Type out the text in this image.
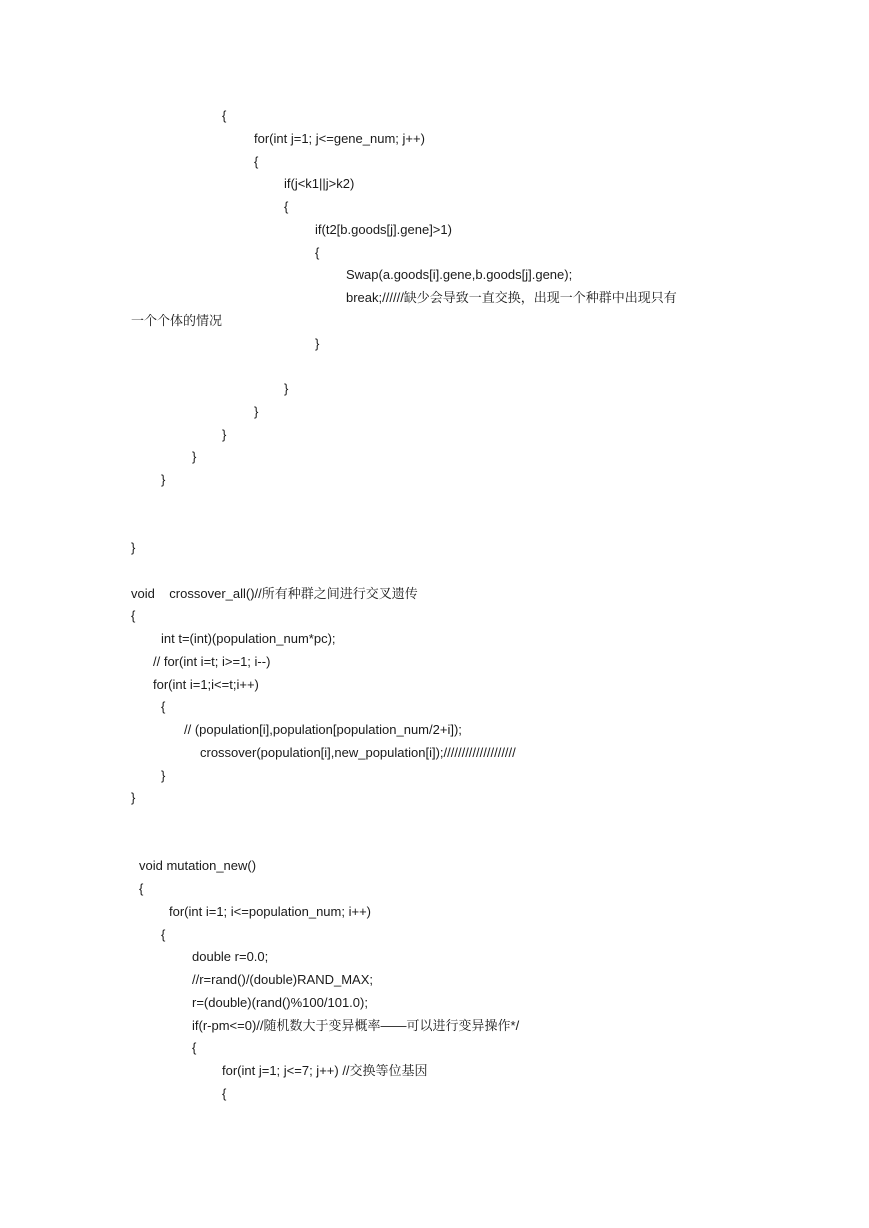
{
for(int j=1; j<=gene_num; j++)
{
if(j<k1||j>k2)
{
if(t2[b.goods[j].gene]>1)
{
Swap(a.goods[i].gene,b.goods[j].gene);
break;//////缺少会导致一直交换，出现一个种群中出现只有
一个个体的情况
}
}
}
}
}
}
}
void    crossover_all()//所有种群之间进行交叉遗传
{
int t=(int)(population_num*pc);
// for(int i=t; i>=1; i--)
for(int i=1;i<=t;i++)
{
// (population[i],population[population_num/2+i]);
crossover(population[i],new_population[i]);////////////////////
}
}
void mutation_new()
{
for(int i=1; i<=population_num; i++)
{
double r=0.0;
//r=rand()/(double)RAND_MAX;
r=(double)(rand()%100/101.0);
if(r-pm<=0)//随机数大于变异概率——可以进行变异操作*/
{
for(int j=1; j<=7; j++) //交换等位基因
{
